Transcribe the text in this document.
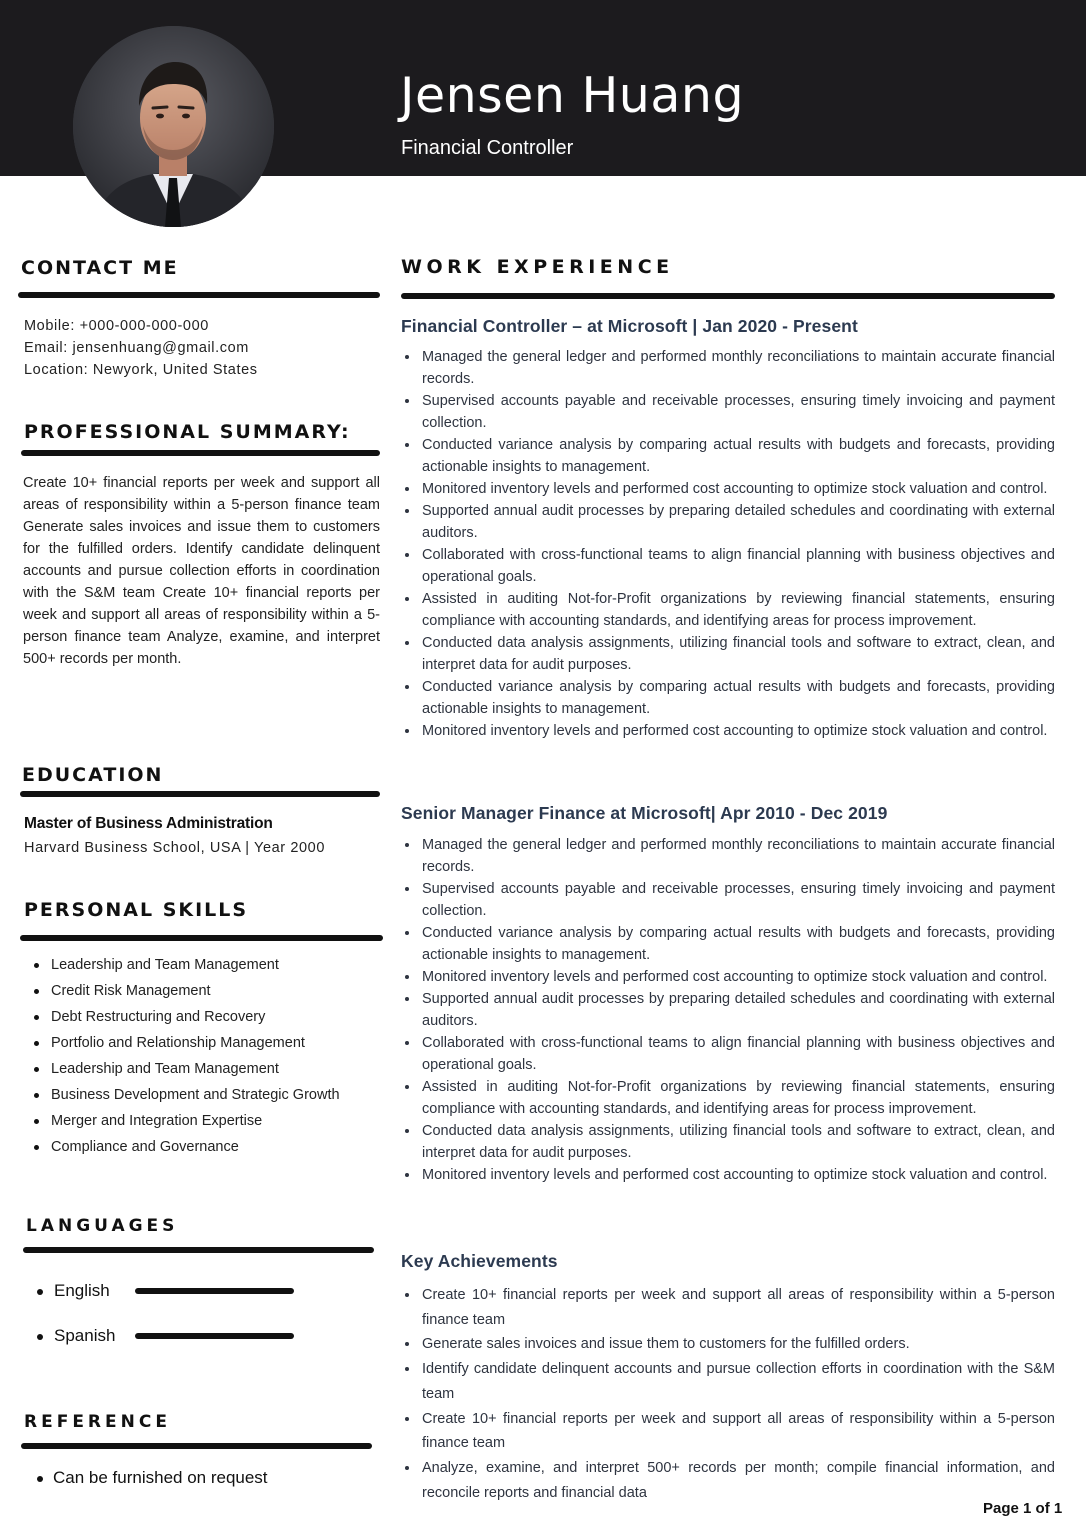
Jensen Huang
Financial Controller
CONTACT ME
Mobile: +000-000-000-000
Email: jensenhuang@gmail.com
Location: Newyork, United States
PROFESSIONAL SUMMARY:

Create 10+ financial reports per week and support all areas of responsibility within a 5-person finance team Generate sales invoices and issue them to customers for the fulfilled orders. Identify candidate delinquent accounts and pursue collection efforts in coordination with the S&M team Create 10+ financial reports per week and support all areas of responsibility within a 5-person finance team Analyze, examine, and interpret 500+ records per month.

EDUCATION
Master of Business Administration
Harvard Business School, USA | Year 2000
PERSONAL SKILLS
Leadership and Team Management
Credit Risk Management
Debt Restructuring and Recovery
Portfolio and Relationship Management
Leadership and Team Management
Business Development and Strategic Growth
Merger and Integration Expertise
Compliance and Governance
LANGUAGES
English
Spanish
REFERENCE
Can be furnished on request
WORK EXPERIENCE
Financial Controller – at Microsoft | Jan 2020 - Present
Managed the general ledger and performed monthly reconciliations to maintain accurate financial records.
Supervised accounts payable and receivable processes, ensuring timely invoicing and payment collection.
Conducted variance analysis by comparing actual results with budgets and forecasts, providing actionable insights to management.
Monitored inventory levels and performed cost accounting to optimize stock valuation and control.
Supported annual audit processes by preparing detailed schedules and coordinating with external auditors.
Collaborated with cross-functional teams to align financial planning with business objectives and operational goals.
Assisted in auditing Not-for-Profit organizations by reviewing financial statements, ensuring compliance with accounting standards, and identifying areas for process improvement.
Conducted data analysis assignments, utilizing financial tools and software to extract, clean, and interpret data for audit purposes.
Conducted variance analysis by comparing actual results with budgets and forecasts, providing actionable insights to management.
Monitored inventory levels and performed cost accounting to optimize stock valuation and control.
Senior Manager Finance at Microsoft| Apr 2010 - Dec 2019
Managed the general ledger and performed monthly reconciliations to maintain accurate financial records.
Supervised accounts payable and receivable processes, ensuring timely invoicing and payment collection.
Conducted variance analysis by comparing actual results with budgets and forecasts, providing actionable insights to management.
Monitored inventory levels and performed cost accounting to optimize stock valuation and control.
Supported annual audit processes by preparing detailed schedules and coordinating with external auditors.
Collaborated with cross-functional teams to align financial planning with business objectives and operational goals.
Assisted in auditing Not-for-Profit organizations by reviewing financial statements, ensuring compliance with accounting standards, and identifying areas for process improvement.
Conducted data analysis assignments, utilizing financial tools and software to extract, clean, and interpret data for audit purposes.
Monitored inventory levels and performed cost accounting to optimize stock valuation and control.
Key Achievements
Create 10+ financial reports per week and support all areas of responsibility within a 5-person finance team
Generate sales invoices and issue them to customers for the fulfilled orders.
Identify candidate delinquent accounts and pursue collection efforts in coordination with the S&M team
Create 10+ financial reports per week and support all areas of responsibility within a 5-person finance team
Analyze, examine, and interpret 500+ records per month; compile financial information, and reconcile reports and financial data
Page 1 of 1
